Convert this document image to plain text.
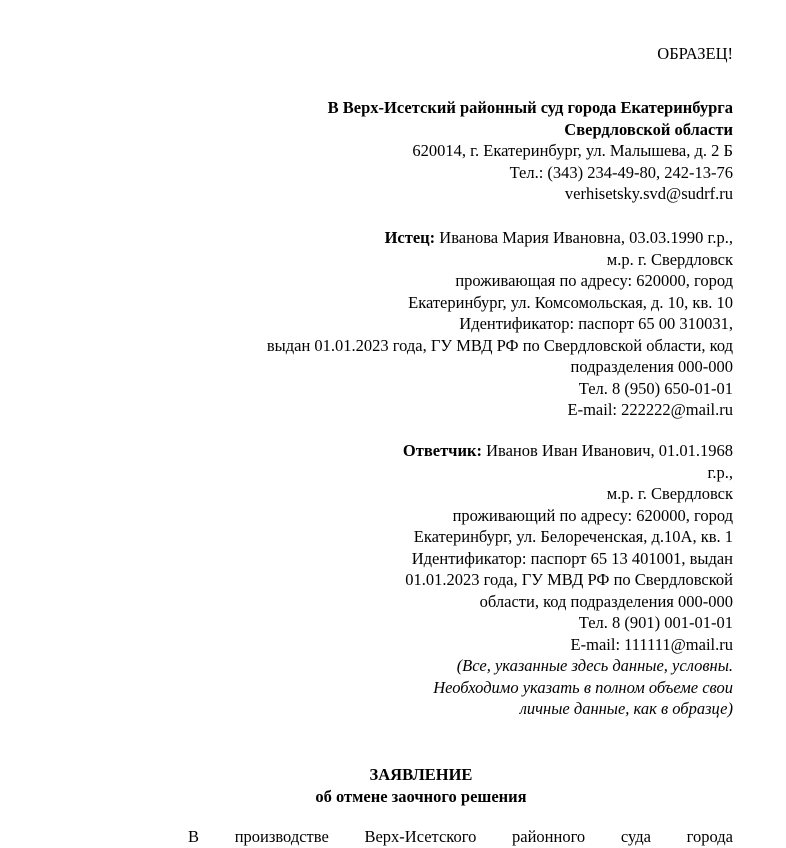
ОБРАЗЕЦ!
В Верх-Исетский районный суд города Екатеринбурга
Свердловской области
620014, г. Екатеринбург, ул. Малышева, д. 2 Б
Тел.: (343) 234-49-80, 242-13-76
verhisetsky.svd@sudrf.ru
Истец: Иванова Мария Ивановна, 03.03.1990 г.р.,
м.р. г. Свердловск
проживающая по адресу: 620000, город
Екатеринбург, ул. Комсомольская, д. 10, кв. 10
Идентификатор: паспорт 65 00 310031,
выдан 01.01.2023 года, ГУ МВД РФ по Свердловской области, код
подразделения 000-000
Тел. 8 (950) 650-01-01
E-mail: 222222@mail.ru
Ответчик: Иванов Иван Иванович, 01.01.1968
г.р.,
м.р. г. Свердловск
проживающий по адресу: 620000, город
Екатеринбург, ул. Белореченская, д.10А, кв. 1
Идентификатор: паспорт 65 13 401001, выдан
01.01.2023 года, ГУ МВД РФ по Свердловской
области, код подразделения 000-000
Тел. 8 (901) 001-01-01
E-mail: 111111@mail.ru
(Все, указанные здесь данные, условны.
Необходимо указать в полном объеме свои
личные данные, как в образце)
ЗАЯВЛЕНИЕ
об отмене заочного решения
В производстве Верх-Исетского районного суда города
